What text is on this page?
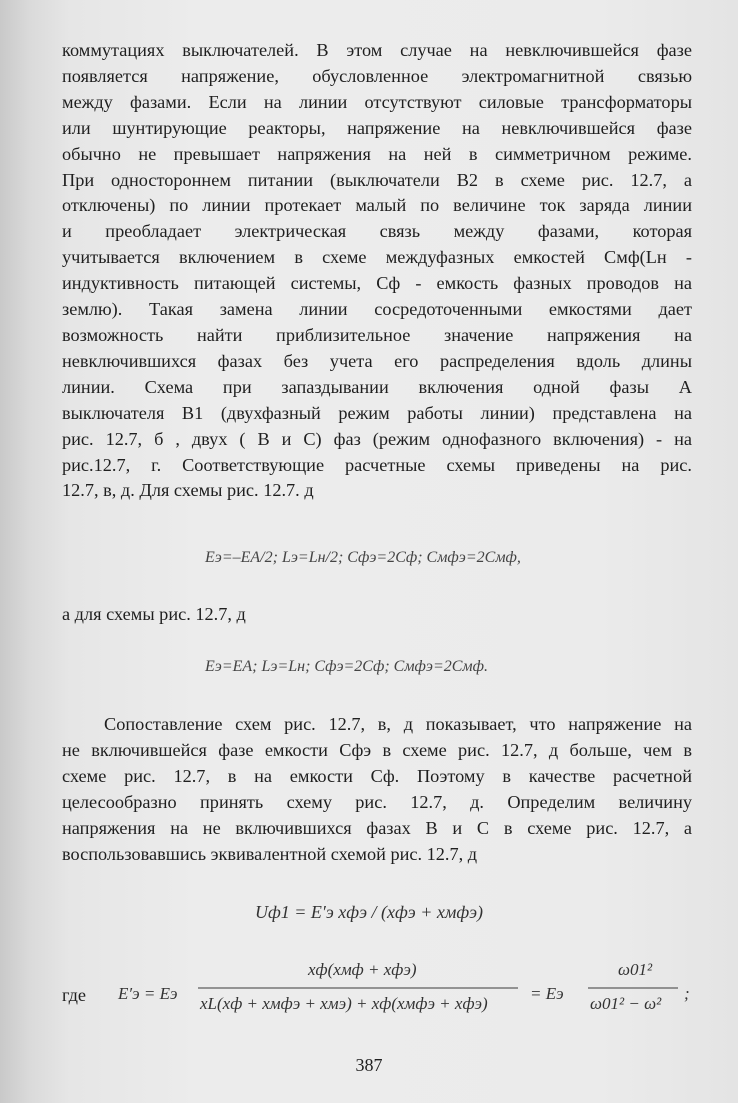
коммутациях выключателей. В этом случае на невключившейся фазе
появляется напряжение, обусловленное электромагнитной связью
между фазами. Если на линии отсутствуют силовые трансформаторы
или шунтирующие реакторы, напряжение на невключившейся фазе
обычно не превышает напряжения на ней в симметричном режиме.
При одностороннем питании (выключатели B2 в схеме рис. 12.7, а
отключены) по линии протекает малый по величине ток заряда линии
и преобладает электрическая связь между фазами, которая
учитывается включением в схеме междуфазных емкостей Cмф(Lн -
индуктивность питающей системы, Cф - емкость фазных проводов на
землю). Такая замена линии сосредоточенными емкостями дает
возможность найти приблизительное значение напряжения на
невключившихся фазах без учета его распределения вдоль длины
линии. Схема при запаздывании включения одной фазы A
выключателя B1 (двухфазный режим работы линии) представлена на
рис. 12.7, б , двух ( B и C) фаз (режим однофазного включения) - на
рис.12.7, г. Соответствующие расчетные схемы приведены на рис.
12.7, в, д. Для схемы рис. 12.7. д
Eэ=–EA/2; Lэ=Lн/2; Cфэ=2Cф; Cмфэ=2Cмф,
а для схемы рис. 12.7, д
Eэ=EA; Lэ=Lн; Cфэ=2Cф; Cмфэ=2Cмф.
Сопоставление схем рис. 12.7, в, д показывает, что напряжение на
не включившейся фазе емкости Cфэ в схеме рис. 12.7, д больше, чем в
схеме рис. 12.7, в на емкости Cф. Поэтому в качестве расчетной
целесообразно принять схему рис. 12.7, д. Определим величину
напряжения на не включившихся фазах B и C в схеме рис. 12.7, а
воспользовавшись эквивалентной схемой рис. 12.7, д
Uф1 = E′э xфэ / (xфэ + xмфэ)
где E′э = Eэ
xф(xмф + xфэ)
xL(xф + xмфэ + xмэ) + xф(xмфэ + xфэ)
= Eэ
ω01²
ω01² − ω²
;
387
